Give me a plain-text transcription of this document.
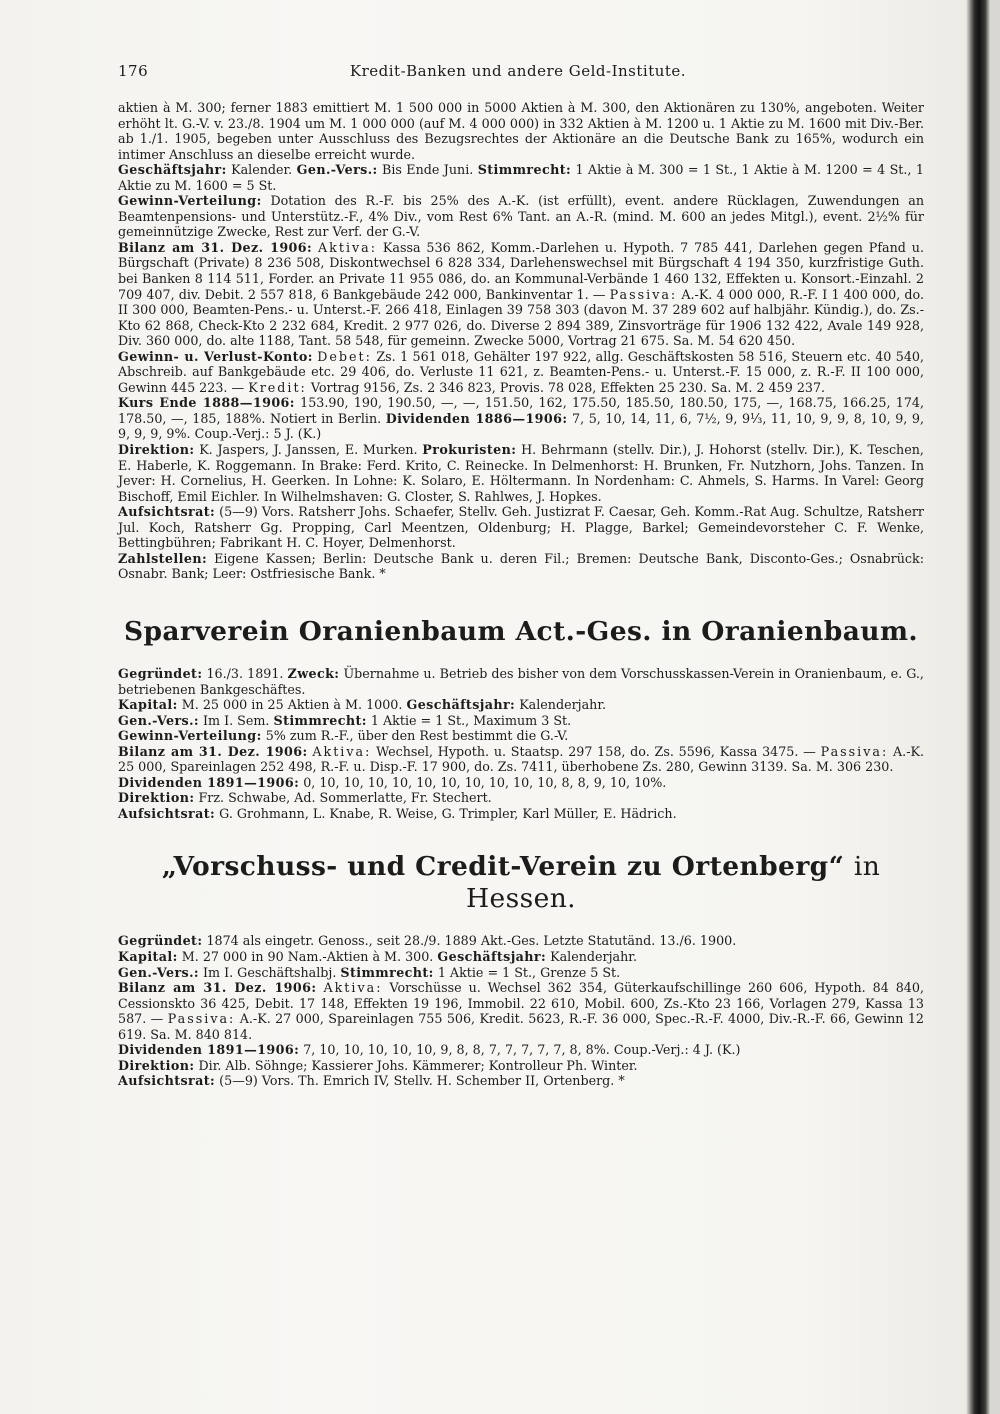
176	Kredit-Banken und andere Geld-Institute.

aktien à M. 300; ferner 1883 emittiert M. 1 500 000 in 5000 Aktien à M. 300, den Aktionären zu 130%, angeboten. Weiter erhöht lt. G.-V. v. 23./8. 1904 um M. 1 000 000 (auf M. 4 000 000) in 332 Aktien à M. 1200 u. 1 Aktie zu M. 1600 mit Div.-Ber. ab 1./1. 1905, begeben unter Ausschluss des Bezugsrechtes der Aktionäre an die Deutsche Bank zu 165%, wodurch ein intimer Anschluss an dieselbe erreicht wurde.

Geschäftsjahr: Kalender. Gen.-Vers.: Bis Ende Juni. Stimmrecht: 1 Aktie à M. 300 = 1 St., 1 Aktie à M. 1200 = 4 St., 1 Aktie zu M. 1600 = 5 St.

Gewinn-Verteilung: Dotation des R.-F. bis 25% des A.-K. (ist erfüllt), event. andere Rücklagen, Zuwendungen an Beamtenpensions- und Unterstütz.-F., 4% Div., vom Rest 6% Tant. an A.-R. (mind. M. 600 an jedes Mitgl.), event. 2½% für gemeinnützige Zwecke, Rest zur Verf. der G.-V.

Bilanz am 31. Dez. 1906: Aktiva: Kassa 536 862, Komm.-Darlehen u. Hypoth. 7 785 441, Darlehen gegen Pfand u. Bürgschaft (Private) 8 236 508, Diskontwechsel 6 828 334, Darlehenswechsel mit Bürgschaft 4 194 350, kurzfristige Guth. bei Banken 8 114 511, Forder. an Private 11 955 086, do. an Kommunal-Verbände 1 460 132, Effekten u. Konsort.-Einzahl. 2 709 407, div. Debit. 2 557 818, 6 Bankgebäude 242 000, Bankinventar 1. — Passiva: A.-K. 4 000 000, R.-F. I 1 400 000, do. II 300 000, Beamten-Pens.- u. Unterst.-F. 266 418, Einlagen 39 758 303 (davon M. 37 289 602 auf halbjähr. Kündig.), do. Zs.-Kto 62 868, Check-Kto 2 232 684, Kredit. 2 977 026, do. Diverse 2 894 389, Zinsvorträge für 1906 132 422, Avale 149 928, Div. 360 000, do. alte 1188, Tant. 58 548, für gemeinn. Zwecke 5000, Vortrag 21 675. Sa. M. 54 620 450.

Gewinn- u. Verlust-Konto: Debet: Zs. 1 561 018, Gehälter 197 922, allg. Geschäftskosten 58 516, Steuern etc. 40 540, Abschreib. auf Bankgebäude etc. 29 406, do. Verluste 11 621, z. Beamten-Pens.- u. Unterst.-F. 15 000, z. R.-F. II 100 000, Gewinn 445 223. — Kredit: Vortrag 9156, Zs. 2 346 823, Provis. 78 028, Effekten 25 230. Sa. M. 2 459 237.

Kurs Ende 1888—1906: 153.90, 190, 190.50, —, —, 151.50, 162, 175.50, 185.50, 180.50, 175, —, 168.75, 166.25, 174, 178.50, —, 185, 188%. Notiert in Berlin. Dividenden 1886—1906: 7, 5, 10, 14, 11, 6, 7½, 9, 9⅓, 11, 10, 9, 9, 8, 10, 9, 9, 9, 9, 9, 9%. Coup.-Verj.: 5 J. (K.)

Direktion: K. Jaspers, J. Janssen, E. Murken. Prokuristen: H. Behrmann (stellv. Dir.), J. Hohorst (stellv. Dir.), K. Teschen, E. Haberle, K. Roggemann. In Brake: Ferd. Krito, C. Reinecke. In Delmenhorst: H. Brunken, Fr. Nutzhorn, Johs. Tanzen. In Jever: H. Cornelius, H. Geerken. In Lohne: K. Solaro, E. Höltermann. In Nordenham: C. Ahmels, S. Harms. In Varel: Georg Bischoff, Emil Eichler. In Wilhelmshaven: G. Closter, S. Rahlwes, J. Hopkes.

Aufsichtsrat: (5—9) Vors. Ratsherr Johs. Schaefer, Stellv. Geh. Justizrat F. Caesar, Geh. Komm.-Rat Aug. Schultze, Ratsherr Jul. Koch, Ratsherr Gg. Propping, Carl Meentzen, Oldenburg; H. Plagge, Barkel; Gemeindevorsteher C. F. Wenke, Bettingbühren; Fabrikant H. C. Hoyer, Delmenhorst.

Zahlstellen: Eigene Kassen; Berlin: Deutsche Bank u. deren Fil.; Bremen: Deutsche Bank, Disconto-Ges.; Osnabrück: Osnabr. Bank; Leer: Ostfriesische Bank. *

Sparverein Oranienbaum Act.-Ges. in Oranienbaum.

Gegründet: 16./3. 1891. Zweck: Übernahme u. Betrieb des bisher von dem Vorschusskassen-Verein in Oranienbaum, e. G., betriebenen Bankgeschäftes.

Kapital: M. 25 000 in 25 Aktien à M. 1000. Geschäftsjahr: Kalenderjahr.

Gen.-Vers.: Im I. Sem. Stimmrecht: 1 Aktie = 1 St., Maximum 3 St.

Gewinn-Verteilung: 5% zum R.-F., über den Rest bestimmt die G.-V.

Bilanz am 31. Dez. 1906: Aktiva: Wechsel, Hypoth. u. Staatsp. 297 158, do. Zs. 5596, Kassa 3475. — Passiva: A.-K. 25 000, Spareinlagen 252 498, R.-F. u. Disp.-F. 17 900, do. Zs. 7411, überhobene Zs. 280, Gewinn 3139. Sa. M. 306 230.

Dividenden 1891—1906: 0, 10, 10, 10, 10, 10, 10, 10, 10, 10, 10, 8, 8, 9, 10, 10%.

Direktion: Frz. Schwabe, Ad. Sommerlatte, Fr. Stechert.

Aufsichtsrat: G. Grohmann, L. Knabe, R. Weise, G. Trimpler, Karl Müller, E. Hädrich.

„Vorschuss- und Credit-Verein zu Ortenberg“ in Hessen.

Gegründet: 1874 als eingetr. Genoss., seit 28./9. 1889 Akt.-Ges. Letzte Statutänd. 13./6. 1900.

Kapital: M. 27 000 in 90 Nam.-Aktien à M. 300. Geschäftsjahr: Kalenderjahr.

Gen.-Vers.: Im I. Geschäftshalbj. Stimmrecht: 1 Aktie = 1 St., Grenze 5 St.

Bilanz am 31. Dez. 1906: Aktiva: Vorschüsse u. Wechsel 362 354, Güterkaufschillinge 260 606, Hypoth. 84 840, Cessionskto 36 425, Debit. 17 148, Effekten 19 196, Immobil. 22 610, Mobil. 600, Zs.-Kto 23 166, Vorlagen 279, Kassa 13 587. — Passiva: A.-K. 27 000, Spareinlagen 755 506, Kredit. 5623, R.-F. 36 000, Spec.-R.-F. 4000, Div.-R.-F. 66, Gewinn 12 619. Sa. M. 840 814.

Dividenden 1891—1906: 7, 10, 10, 10, 10, 10, 9, 8, 8, 7, 7, 7, 7, 7, 8, 8%. Coup.-Verj.: 4 J. (K.)

Direktion: Dir. Alb. Söhnge; Kassierer Johs. Kämmerer; Kontrolleur Ph. Winter.

Aufsichtsrat: (5—9) Vors. Th. Emrich IV, Stellv. H. Schember II, Ortenberg. *
